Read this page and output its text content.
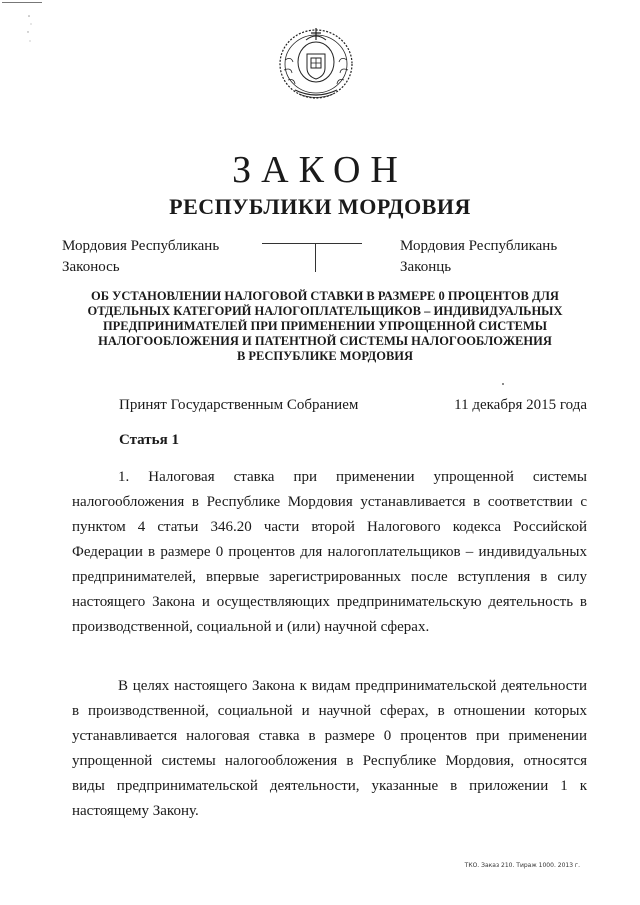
ЗАКОН
РЕСПУБЛИКИ МОРДОВИЯ
Мордовия Республикань
Законось
Мордовия Республикань
Законць
ОБ УСТАНОВЛЕНИИ НАЛОГОВОЙ СТАВКИ В РАЗМЕРЕ 0 ПРОЦЕНТОВ ДЛЯ
ОТДЕЛЬНЫХ КАТЕГОРИЙ НАЛОГОПЛАТЕЛЬЩИКОВ – ИНДИВИДУАЛЬНЫХ
ПРЕДПРИНИМАТЕЛЕЙ ПРИ ПРИМЕНЕНИИ УПРОЩЕННОЙ СИСТЕМЫ
НАЛОГООБЛОЖЕНИЯ И ПАТЕНТНОЙ СИСТЕМЫ НАЛОГООБЛОЖЕНИЯ
В РЕСПУБЛИКЕ МОРДОВИЯ
Принят Государственным Собранием	11 декабря 2015 года
Статья 1
1. Налоговая ставка при применении упрощенной системы налогообложения в Республике Мордовия устанавливается в соответствии с пунктом 4 статьи 346.20 части второй Налогового кодекса Российской Федерации в размере 0 процентов для налогоплательщиков – индивидуальных предпринимателей, впервые зарегистрированных после вступления в силу настоящего Закона и осуществляющих предпринимательскую деятельность в производственной, социальной и (или) научной сферах.
В целях настоящего Закона к видам предпринимательской деятельности в производственной, социальной и научной сферах, в отношении которых устанавливается налоговая ставка в размере 0 процентов при применении упрощенной системы налогообложения в Республике Мордовия, относятся виды предпринимательской деятельности, указанные в приложении 1 к настоящему Закону.
ТКО. Заказ 210. Тираж 1000. 2013 г.
